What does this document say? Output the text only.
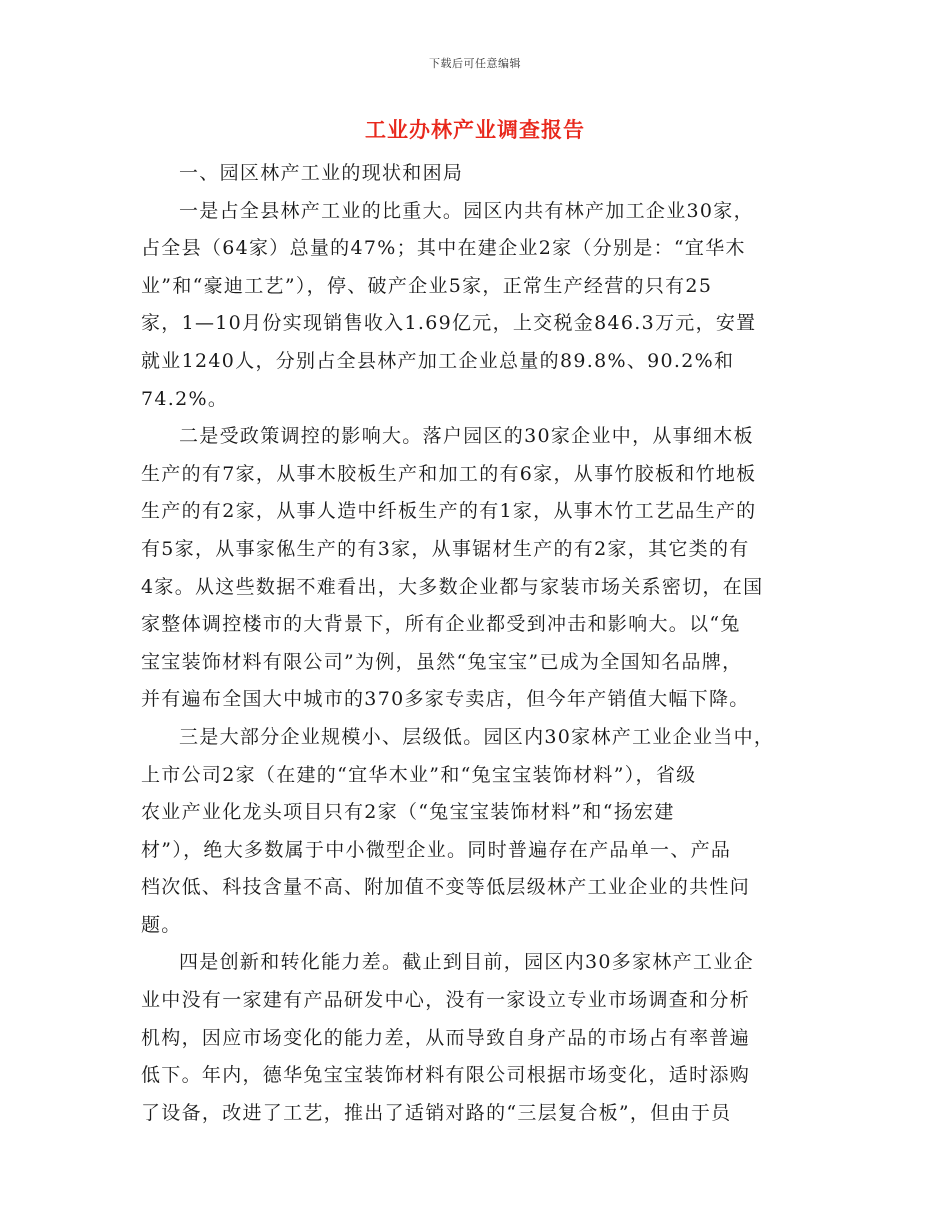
下载后可任意编辑
工业办林产业调查报告

一、园区林产工业的现状和困局

一是占全县林产工业的比重大。园区内共有林产加工企业30家，
占全县（64家）总量的47%；其中在建企业2家（分别是：“宜华木
业”和“豪迪工艺”），停、破产企业5家，正常生产经营的只有25
家，1—10月份实现销售收入1.69亿元，上交税金846.3万元，安置
就业1240人，分别占全县林产加工企业总量的89.8%、90.2%和
74.2%。

二是受政策调控的影响大。落户园区的30家企业中，从事细木板
生产的有7家，从事木胶板生产和加工的有6家，从事竹胶板和竹地板
生产的有2家，从事人造中纤板生产的有1家，从事木竹工艺品生产的
有5家，从事家俬生产的有3家，从事锯材生产的有2家，其它类的有
4家。从这些数据不难看出，大多数企业都与家装市场关系密切，在国
家整体调控楼市的大背景下，所有企业都受到冲击和影响大。以“兔
宝宝装饰材料有限公司”为例，虽然“兔宝宝”已成为全国知名品牌，
并有遍布全国大中城市的370多家专卖店，但今年产销值大幅下降。

三是大部分企业规模小、层级低。园区内30家林产工业企业当中，
上市公司2家（在建的“宜华木业”和“兔宝宝装饰材料”），省级
农业产业化龙头项目只有2家（“兔宝宝装饰材料”和“扬宏建
材”），绝大多数属于中小微型企业。同时普遍存在产品单一、产品
档次低、科技含量不高、附加值不变等低层级林产工业企业的共性问
题。

四是创新和转化能力差。截止到目前，园区内30多家林产工业企
业中没有一家建有产品研发中心，没有一家设立专业市场调查和分析
机构，因应市场变化的能力差，从而导致自身产品的市场占有率普遍
低下。年内，德华兔宝宝装饰材料有限公司根据市场变化，适时添购
了设备，改进了工艺，推出了适销对路的“三层复合板”，但由于员
